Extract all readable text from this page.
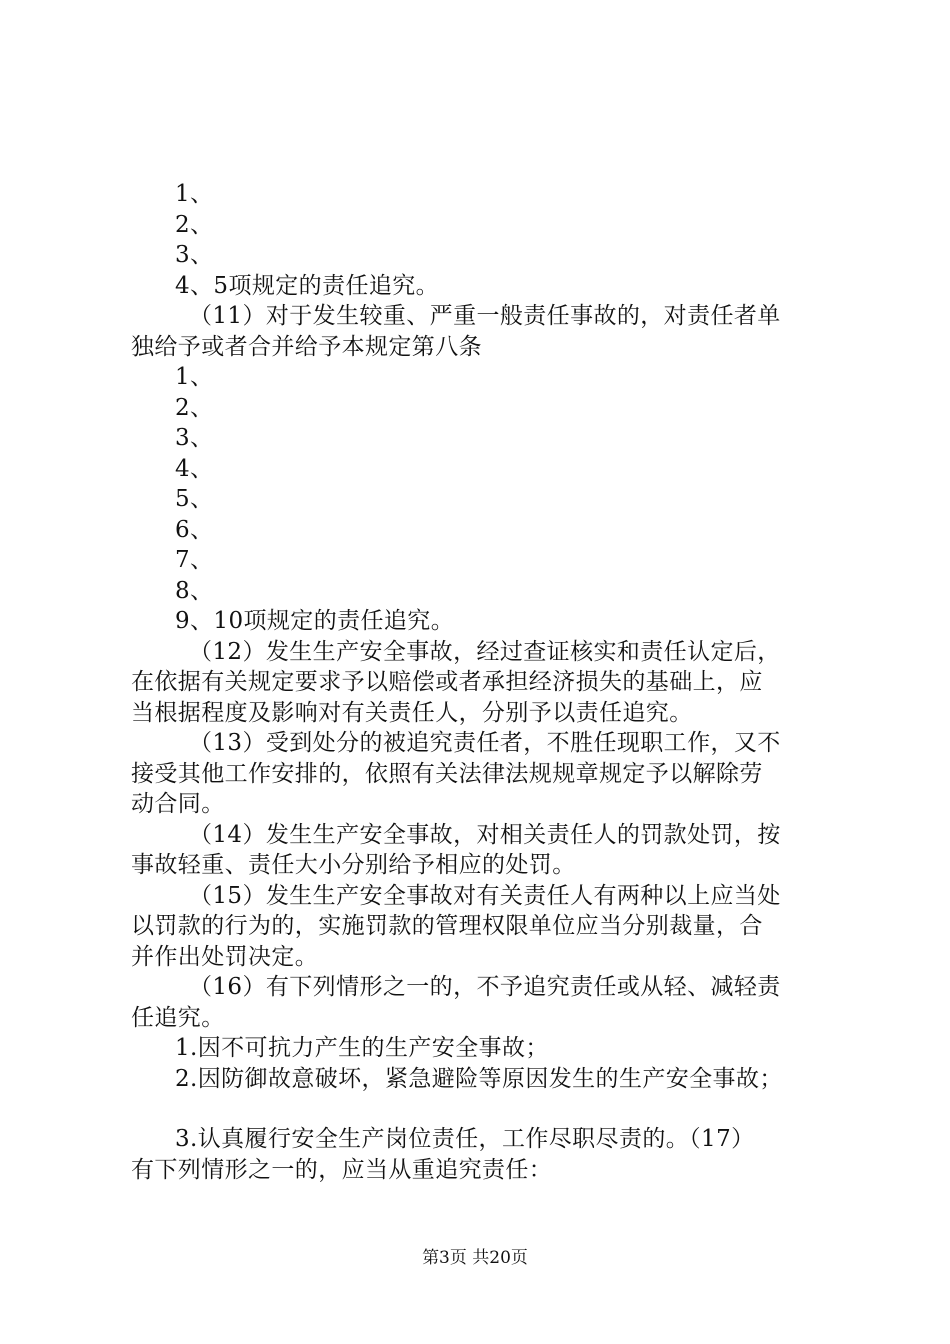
1、
2、
3、
4、5项规定的责任追究。
（11）对于发生较重、严重一般责任事故的，对责任者单
独给予或者合并给予本规定第八条
1、
2、
3、
4、
5、
6、
7、
8、
9、10项规定的责任追究。
（12）发生生产安全事故，经过查证核实和责任认定后，
在依据有关规定要求予以赔偿或者承担经济损失的基础上，应
当根据程度及影响对有关责任人，分别予以责任追究。
（13）受到处分的被追究责任者，不胜任现职工作，又不
接受其他工作安排的，依照有关法律法规规章规定予以解除劳
动合同。
（14）发生生产安全事故，对相关责任人的罚款处罚，按
事故轻重、责任大小分别给予相应的处罚。
（15）发生生产安全事故对有关责任人有两种以上应当处
以罚款的行为的，实施罚款的管理权限单位应当分别裁量，合
并作出处罚决定。
（16）有下列情形之一的，不予追究责任或从轻、减轻责
任追究。
1.因不可抗力产生的生产安全事故；
2.因防御故意破坏，紧急避险等原因发生的生产安全事故；
3.认真履行安全生产岗位责任，工作尽职尽责的。（17）
有下列情形之一的，应当从重追究责任：
第3页 共20页
